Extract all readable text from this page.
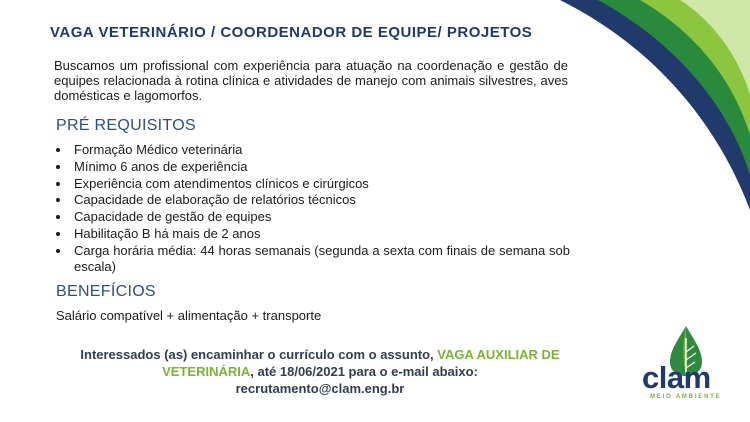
VAGA VETERINÁRIO / COORDENADOR DE EQUIPE/ PROJETOS
Buscamos um profissional com experiência para atuação na coordenação e gestão de equipes relacionada à rotina clínica e atividades de manejo com animais silvestres, aves domésticas e lagomorfos.
PRÉ REQUISITOS
Formação Médico veterinária
Mínimo 6 anos de experiência
Experiência com atendimentos clínicos e cirúrgicos
Capacidade de elaboração de relatórios técnicos
Capacidade de gestão de equipes
Habilitação B há mais de 2 anos
Carga horária média: 44 horas semanais (segunda a sexta com finais de semana sob escala)
BENEFÍCIOS
Salário compatível + alimentação + transporte
Interessados (as) encaminhar o currículo com o assunto, VAGA AUXILIAR DE VETERINÁRIA, até 18/06/2021 para o e-mail abaixo:
recrutamento@clam.eng.br	clam
MEIO AMBIENTE
